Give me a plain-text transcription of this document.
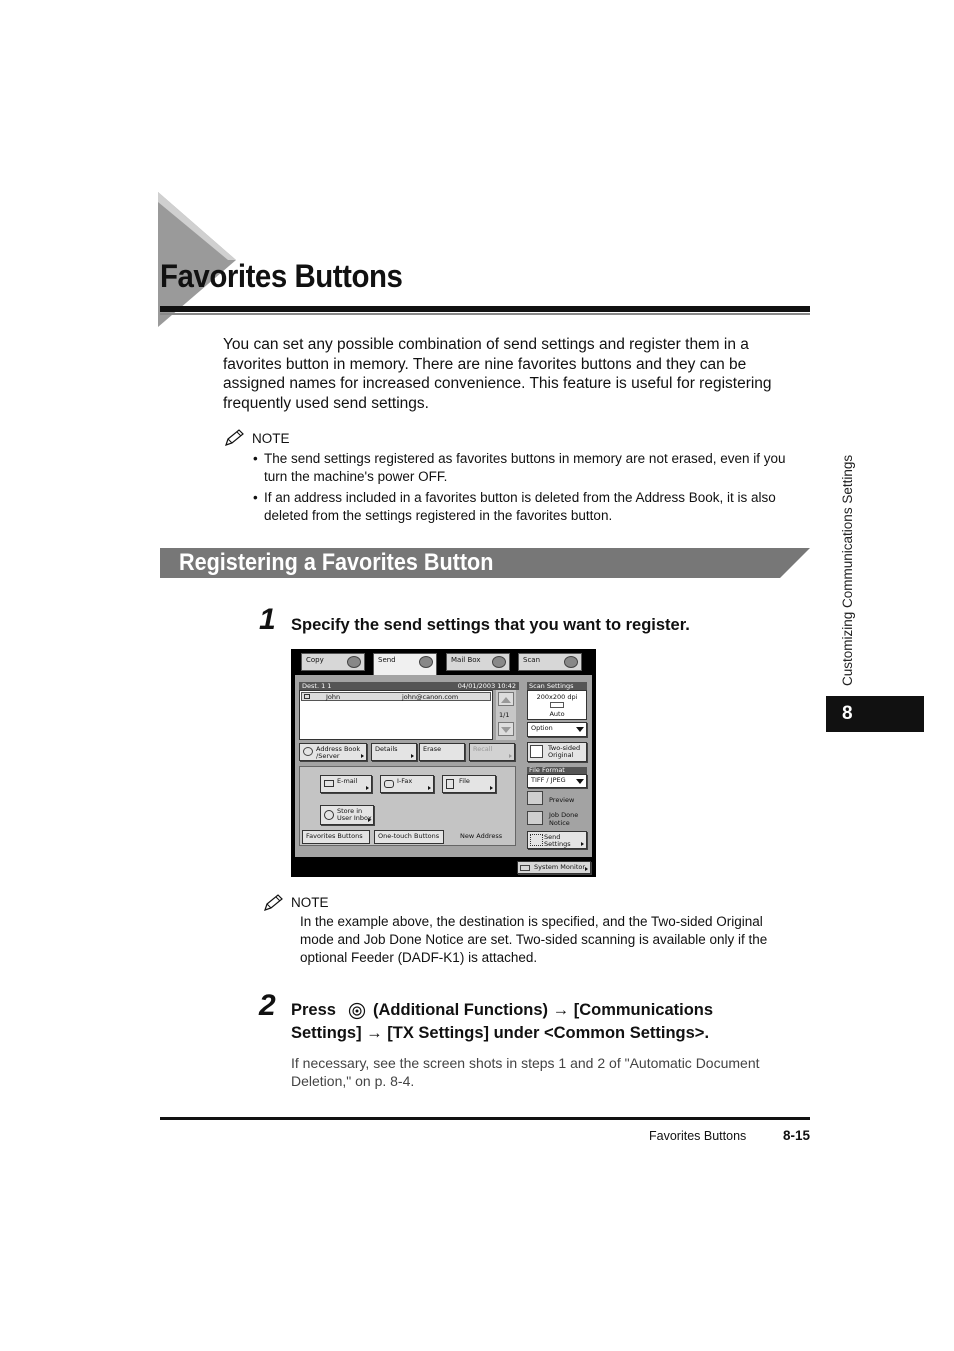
Favorites Buttons

You can set any possible combination of send settings and register them in a favorites button in memory. There are nine favorites buttons and they can be assigned names for increased convenience. This feature is useful for registering frequently used send settings.

NOTE
• The send settings registered as favorites buttons in memory are not erased, even if you turn the machine's power OFF.
• If an address included in a favorites button is deleted from the Address Book, it is also deleted from the settings registered in the favorites button.
Registering a Favorites Button
1 Specify the send settings that you want to register.
Copy	Send	Mail Box	Scan
Dest. 1 1	04/01/2003 10:42
John	john@canon.com
1/1
Address Book
/Server
Details	Erase	Recall
E-mail	I-Fax	File
Store in
User Inbox
Favorites Buttons	One-touch Buttons	New Address
Scan Settings
200x200 dpi
Auto
Option
Two-sided
Original
File Format
TIFF / JPEG
Preview
Job Done
Notice
Send
Settings
System Monitor
NOTE

In the example above, the destination is specified, and the Two-sided Original mode and Job Done Notice are set. Two-sided scanning is available only if the optional Feeder (DADF-K1) is attached.

2 Press	(Additional Functions) → [Communications Settings] → [TX Settings] under <Common Settings>.

If necessary, see the screen shots in steps 1 and 2 of "Automatic Document Deletion," on p. 8-4.

Favorites Buttons	8-15
Customizing Communications Settings
8
